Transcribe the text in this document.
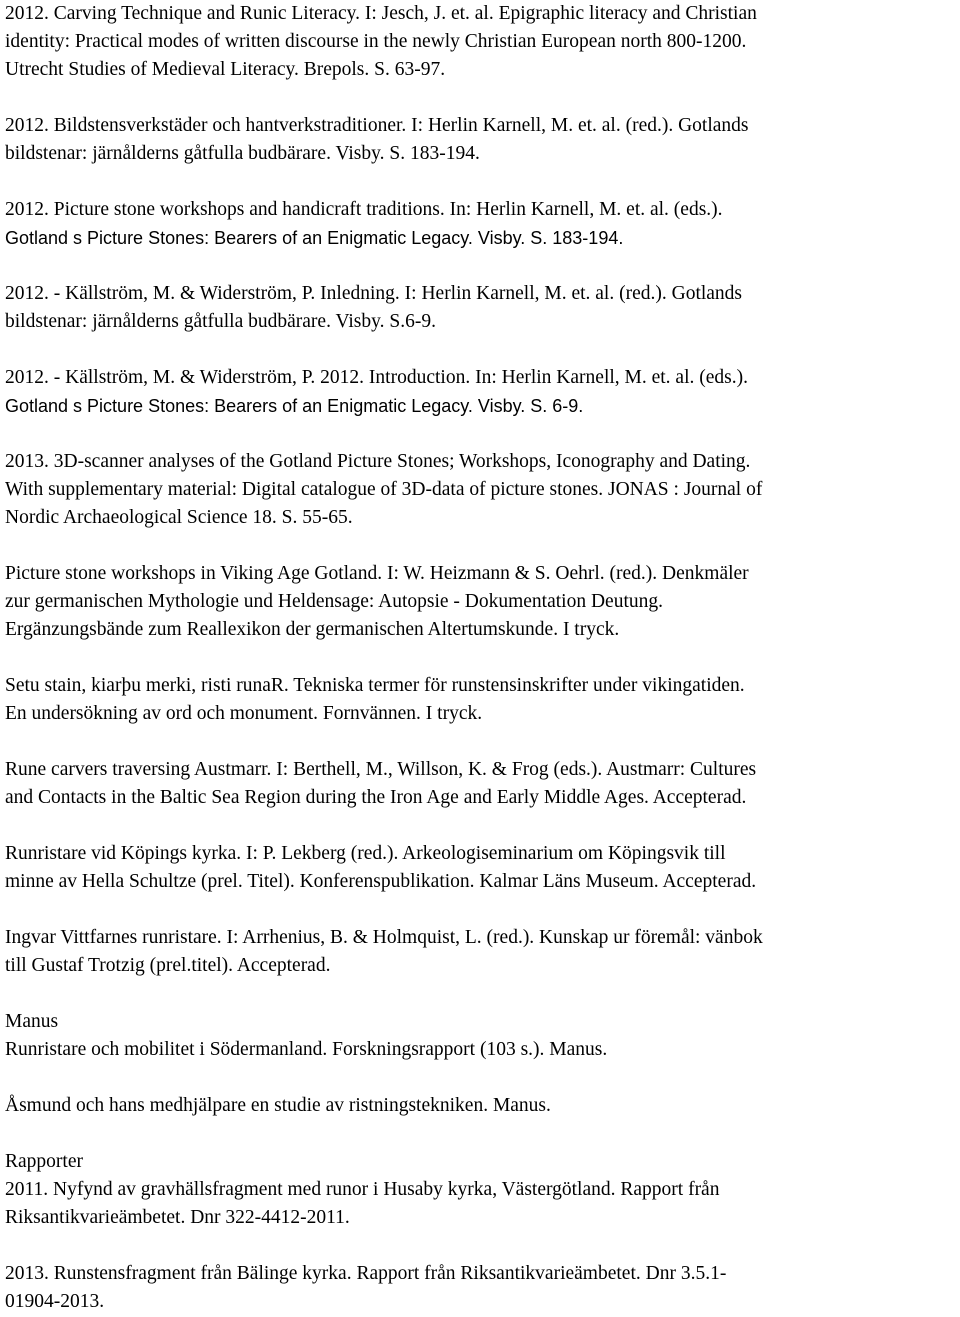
2012. Carving Technique and Runic Literacy. I: Jesch, J. et. al. Epigraphic literacy and Christian
identity: Practical modes of written discourse in the newly Christian European north 800-1200.
Utrecht Studies of Medieval Literacy. Brepols. S. 63-97.
2012. Bildstensverkstäder och hantverkstraditioner. I: Herlin Karnell, M. et. al. (red.). Gotlands
bildstenar: järnålderns gåtfulla budbärare. Visby. S. 183-194.
2012. Picture stone workshops and handicraft traditions. In: Herlin Karnell, M. et. al. (eds.).
Gotland s Picture Stones: Bearers of an Enigmatic Legacy. Visby. S. 183-194.
2012. - Källström, M. & Widerström, P. Inledning. I: Herlin Karnell, M. et. al. (red.). Gotlands
bildstenar: järnålderns gåtfulla budbärare. Visby. S.6-9.
2012. - Källström, M. & Widerström, P. 2012. Introduction. In: Herlin Karnell, M. et. al. (eds.).
Gotland s Picture Stones: Bearers of an Enigmatic Legacy. Visby. S. 6-9.
2013. 3D-scanner analyses of the Gotland Picture Stones; Workshops, Iconography and Dating.
With supplementary material: Digital catalogue of 3D-data of picture stones. JONAS : Journal of
Nordic Archaeological Science 18. S. 55-65.
Picture stone workshops in Viking Age Gotland. I: W. Heizmann & S. Oehrl. (red.). Denkmäler
zur germanischen Mythologie und Heldensage: Autopsie - Dokumentation Deutung.
Ergänzungsbände zum Reallexikon der germanischen Altertumskunde. I tryck.
Setu stain, kiarþu merki, risti runaR. Tekniska termer för runstensinskrifter under vikingatiden.
En undersökning av ord och monument. Fornvännen. I tryck.
Rune carvers traversing Austmarr. I: Berthell, M., Willson, K. & Frog (eds.). Austmarr: Cultures
and Contacts in the Baltic Sea Region during the Iron Age and Early Middle Ages. Accepterad.
Runristare vid Köpings kyrka. I: P. Lekberg (red.). Arkeologiseminarium om Köpingsvik till
minne av Hella Schultze (prel. Titel). Konferenspublikation. Kalmar Läns Museum. Accepterad.
Ingvar Vittfarnes runristare. I: Arrhenius, B. & Holmquist, L. (red.). Kunskap ur föremål: vänbok
till Gustaf Trotzig (prel.titel). Accepterad.
Manus
Runristare och mobilitet i Södermanland. Forskningsrapport (103 s.). Manus.
Åsmund och hans medhjälpare en studie av ristningstekniken. Manus.
Rapporter
2011. Nyfynd av gravhällsfragment med runor i Husaby kyrka, Västergötland. Rapport från
Riksantikvarieämbetet. Dnr 322-4412-2011.
2013. Runstensfragment från Bälinge kyrka. Rapport från Riksantikvarieämbetet. Dnr 3.5.1-
01904-2013.
